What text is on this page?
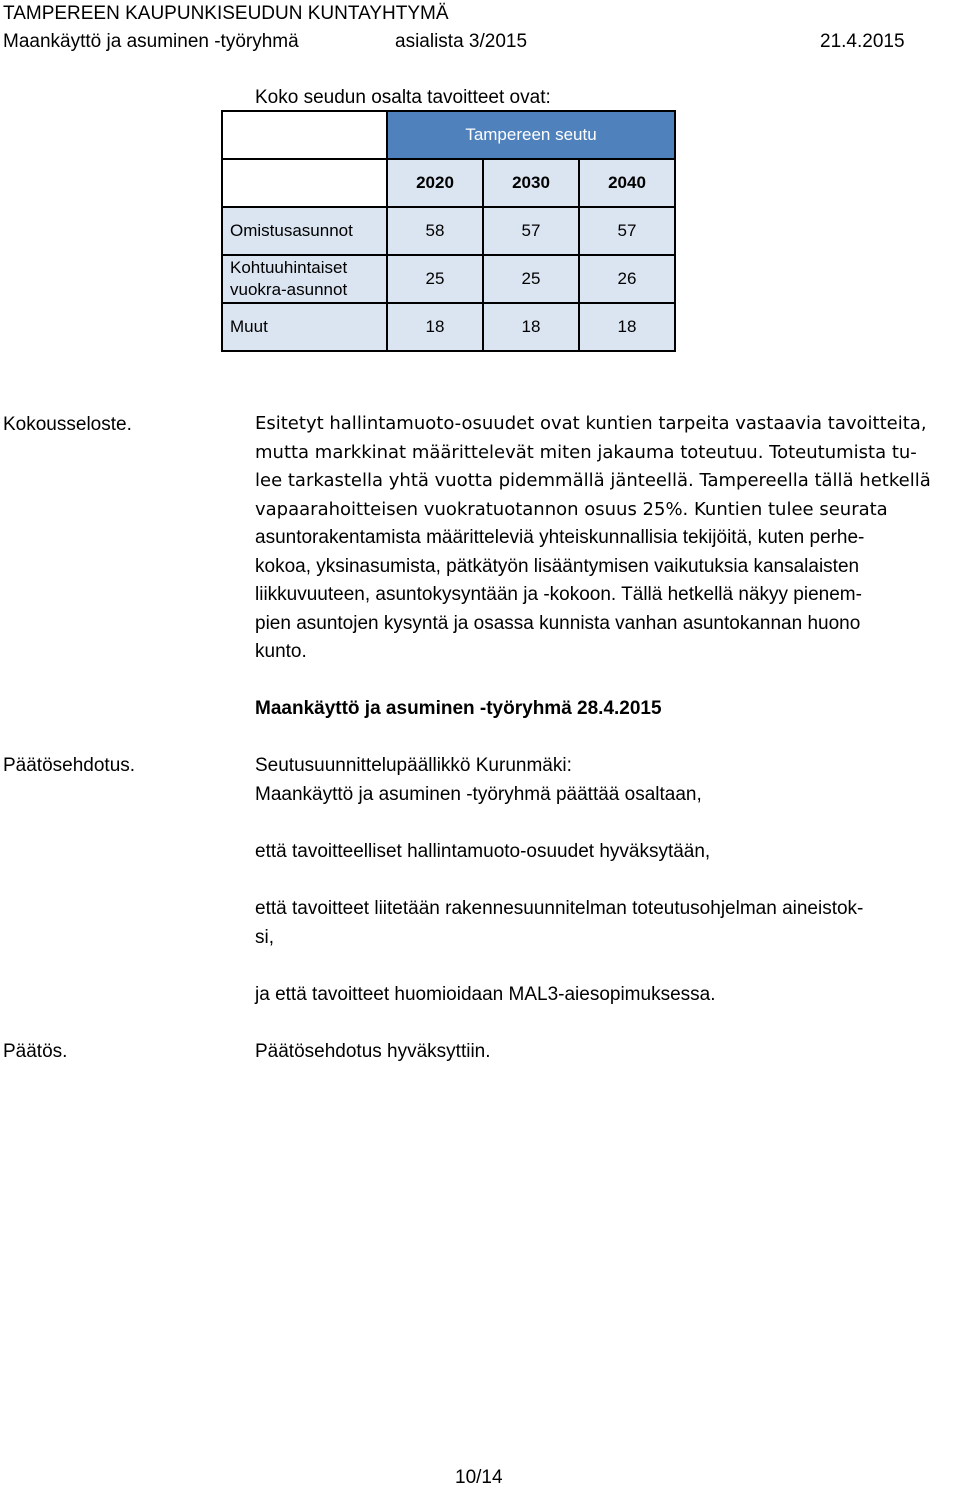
TAMPEREEN KAUPUNKISEUDUN KUNTAYHTYMÄ
Maankäyttö ja asuminen -työryhmä	asialista 3/2015	21.4.2015
Koko seudun osalta tavoitteet ovat:
	Tampereen seutu		
	2020	2030	2040
Omistusasunnot	58	57	57
Kohtuuhintaiset
vuokra-asunnot	25	25	26
Muut	18	18	18
Kokousseloste.	Esitetyt hallintamuoto-osuudet ovat kuntien tarpeita vastaavia tavoitteita,
mutta markkinat määrittelevät miten jakauma toteutuu. Toteutumista tu-
lee tarkastella yhtä vuotta pidemmällä jänteellä. Tampereella tällä hetkellä
vapaarahoitteisen vuokratuotannon osuus 25%. Kuntien tulee seurata
asuntorakentamista määritteleviä yhteiskunnallisia tekijöitä, kuten perhe-
kokoa, yksinasumista, pätkätyön lisääntymisen vaikutuksia kansalaisten
liikkuvuuteen, asuntokysyntään ja -kokoon. Tällä hetkellä näkyy pienem-
pien asuntojen kysyntä ja osassa kunnista vanhan asuntokannan huono
kunto.
Maankäyttö ja asuminen -työryhmä 28.4.2015
Päätösehdotus.	Seutusuunnittelupäällikkö Kurunmäki:
Maankäyttö ja asuminen -työryhmä päättää osaltaan,
että tavoitteelliset hallintamuoto-osuudet hyväksytään,
että tavoitteet liitetään rakennesuunnitelman toteutusohjelman aineistok-
si,
ja että tavoitteet huomioidaan MAL3-aiesopimuksessa.
Päätös.	Päätösehdotus hyväksyttiin.
10/14
